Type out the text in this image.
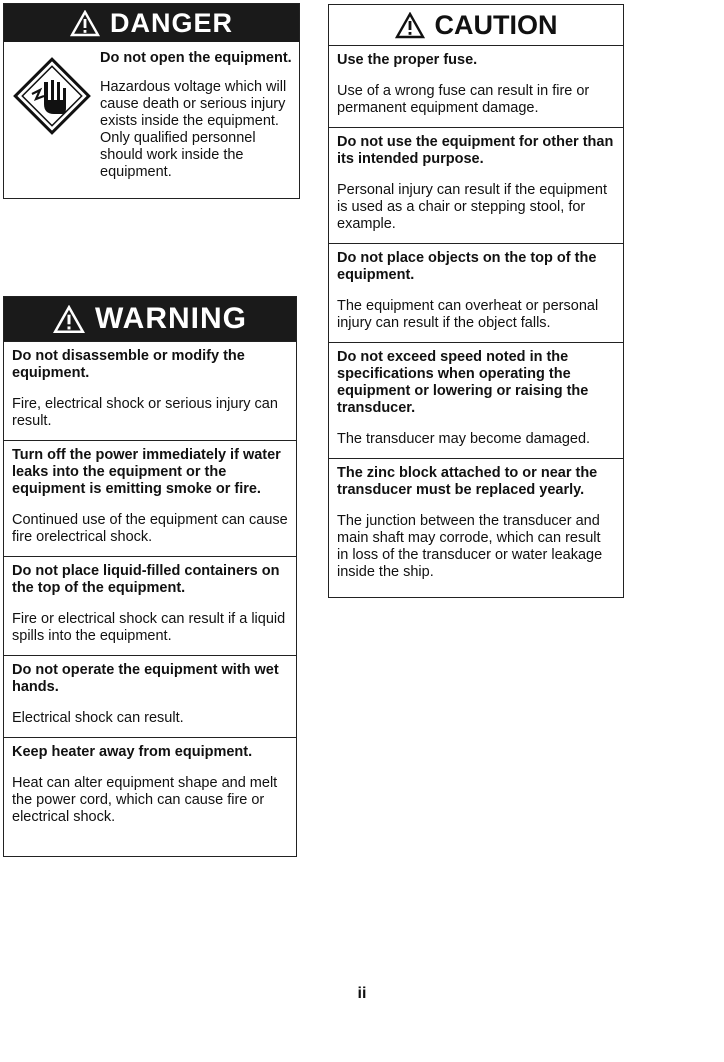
DANGER

Do not open the equipment.

Hazardous voltage which will cause death or serious injury exists inside the equipment. Only qualified personnel should work inside the equipment.

WARNING

Do not disassemble or modify the equipment.

Fire, electrical shock or serious injury can result.

Turn off the power immediately if water leaks into the equipment or the equipment is emitting smoke or fire.

Continued use of the equipment can cause fire orelectrical shock.

Do not place liquid-filled containers on the top of the equipment.

Fire or electrical shock can result if a liquid spills into the equipment.

Do not operate the equipment with wet hands.

Electrical shock can result.

Keep heater away from equipment.

Heat can alter equipment shape and melt the power cord, which can cause fire or electrical shock.

CAUTION

Use the proper fuse.

Use of a wrong fuse can result in fire or permanent equipment damage.

Do not use the equipment for other than its intended purpose.

Personal injury can result if the equipment is used as a chair or stepping stool, for example.

Do not place objects on the top of the equipment.

The equipment can overheat or personal injury can result if the object falls.

Do not exceed speed noted in the specifications when operating the equipment or lowering or raising the transducer.

The transducer may become damaged.

The zinc block attached to or near the transducer must be replaced yearly.

The junction between the transducer and main shaft may corrode, which can result in loss of the transducer or water leakage inside the ship.

ii
